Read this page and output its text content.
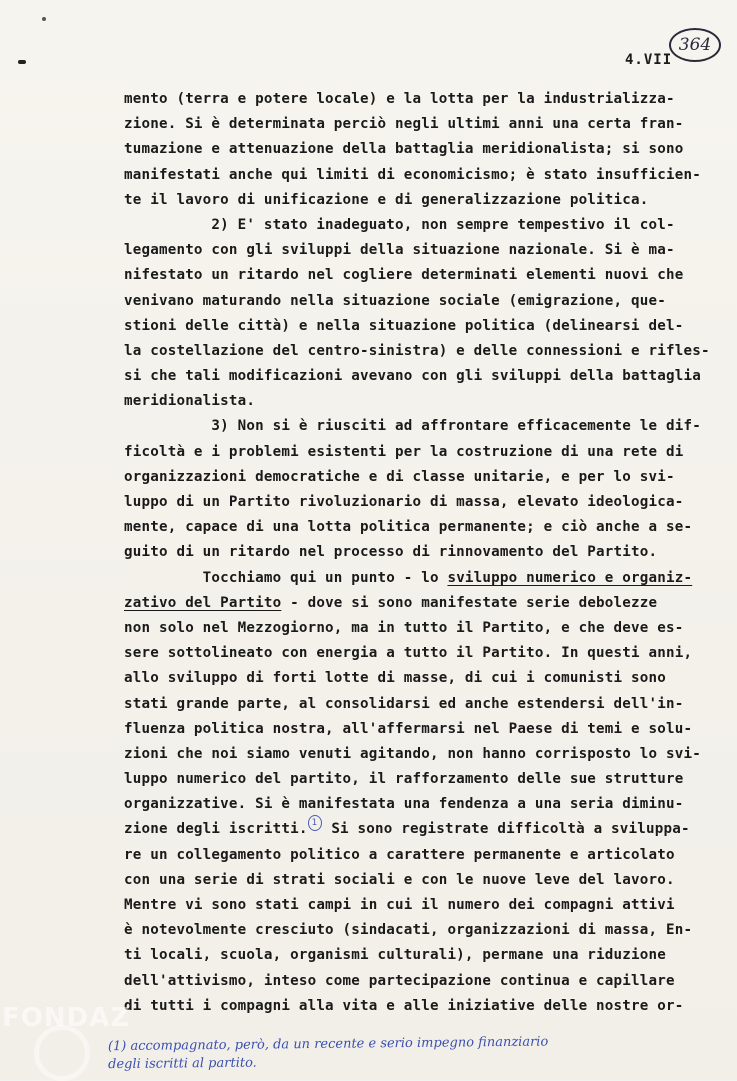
364
4.VII
mento (terra e potere locale) e la lotta per la industrializza-
zione. Si è determinata perciò negli ultimi anni una certa fran-
tumazione e attenuazione della battaglia meridionalista; si sono
manifestati anche qui limiti di economicismo; è stato insufficien-
te il lavoro di unificazione e di generalizzazione politica.
2) E' stato inadeguato, non sempre tempestivo il col-
legamento con gli sviluppi della situazione nazionale. Si è ma-
nifestato un ritardo nel cogliere determinati elementi nuovi che
venivano maturando nella situazione sociale (emigrazione, que-
stioni delle città) e nella situazione politica (delinearsi del-
la costellazione del centro-sinistra) e delle connessioni e rifles-
si che tali modificazioni avevano con gli sviluppi della battaglia
meridionalista.
3) Non si è riusciti ad affrontare efficacemente le dif-
ficoltà e i problemi esistenti per la costruzione di una rete di
organizzazioni democratiche e di classe unitarie, e per lo svi-
luppo di un Partito rivoluzionario di massa, elevato ideologica-
mente, capace di una lotta politica permanente; e ciò anche a se-
guito di un ritardo nel processo di rinnovamento del Partito.
Tocchiamo qui un punto - lo sviluppo numerico e organiz-
zativo del Partito - dove si sono manifestate serie debolezze
non solo nel Mezzogiorno, ma in tutto il Partito, e che deve es-
sere sottolineato con energia a tutto il Partito. In questi anni,
allo sviluppo di forti lotte di masse, di cui i comunisti sono
stati grande parte, al consolidarsi ed anche estendersi dell'in-
fluenza politica nostra, all'affermarsi nel Paese di temi e solu-
zioni che noi siamo venuti agitando, non hanno corrisposto lo svi-
luppo numerico del partito, il rafforzamento delle sue strutture
organizzative. Si è manifestata una fendenza a una seria diminu-
zione degli iscritti. 1 Si sono registrate difficoltà a sviluppa-
re un collegamento politico a carattere permanente e articolato
con una serie di strati sociali e con le nuove leve del lavoro.
Mentre vi sono stati campi in cui il numero dei compagni attivi
è notevolmente cresciuto (sindacati, organizzazioni di massa, En-
ti locali, scuola, organismi culturali), permane una riduzione
dell'attivismo, inteso come partecipazione continua e capillare
di tutti i compagni alla vita e alle iniziative delle nostre or-
(1) accompagnato, però, da un recente e serio impegno finanziario
degli iscritti al partito.
FONDAZ
